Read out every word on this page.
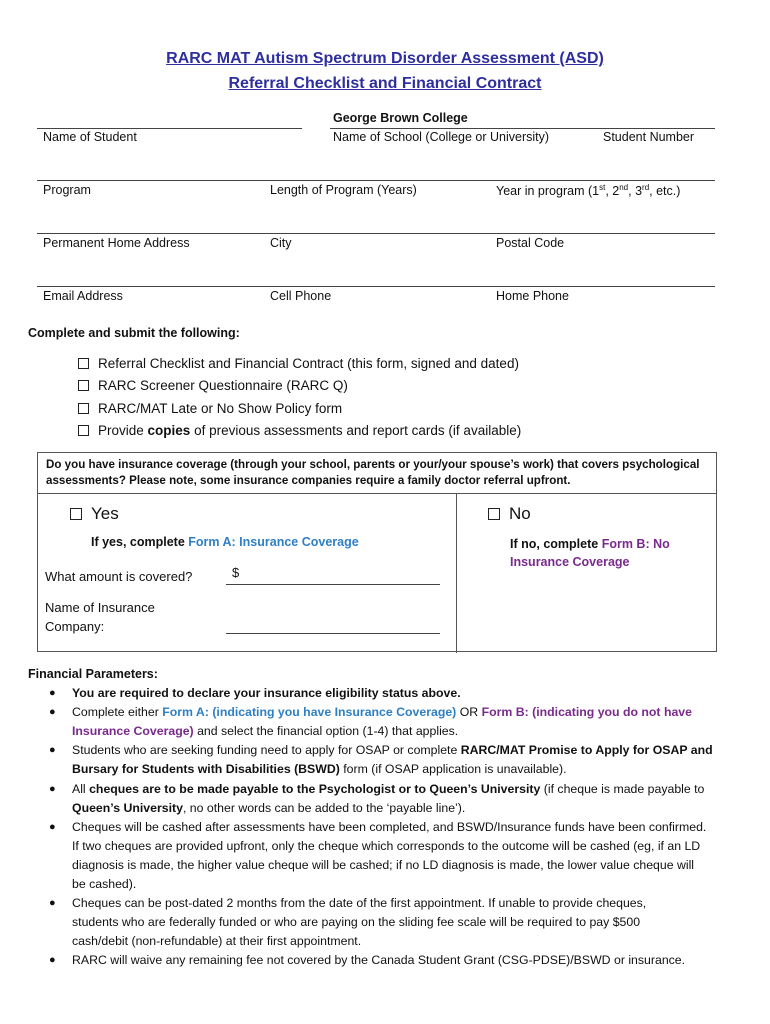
RARC MAT Autism Spectrum Disorder Assessment (ASD)
Referral Checklist and Financial Contract
George Brown College
Name of Student	Name of School (College or University)	Student Number
Program	Length of Program (Years)	Year in program (1st, 2nd, 3rd, etc.)
Permanent Home Address	City	Postal Code
Email Address	Cell Phone	Home Phone
Complete and submit the following:
Referral Checklist and Financial Contract (this form, signed and dated)
RARC Screener Questionnaire (RARC Q)
RARC/MAT Late or No Show Policy form
Provide copies of previous assessments and report cards (if available)
Do you have insurance coverage (through your school, parents or your/your spouse’s work) that covers psychological assessments? Please note, some insurance companies require a family doctor referral upfront.
Yes
If yes, complete Form A: Insurance Coverage
What amount is covered?	$
Name of Insurance
Company:
No
If no, complete Form B: No
Insurance Coverage
Financial Parameters:
● You are required to declare your insurance eligibility status above.
● Complete either Form A: (indicating you have Insurance Coverage) OR Form B: (indicating you do not have
Insurance Coverage) and select the financial option (1-4) that applies.
● Students who are seeking funding need to apply for OSAP or complete RARC/MAT Promise to Apply for OSAP and
Bursary for Students with Disabilities (BSWD) form (if OSAP application is unavailable).
● All cheques are to be made payable to the Psychologist or to Queen’s University (if cheque is made payable to
Queen’s University, no other words can be added to the ‘payable line’).
● Cheques will be cashed after assessments have been completed, and BSWD/Insurance funds have been confirmed.
If two cheques are provided upfront, only the cheque which corresponds to the outcome will be cashed (eg, if an LD
diagnosis is made, the higher value cheque will be cashed; if no LD diagnosis is made, the lower value cheque will
be cashed).
● Cheques can be post-dated 2 months from the date of the first appointment. If unable to provide cheques,
students who are federally funded or who are paying on the sliding fee scale will be required to pay $500
cash/debit (non-refundable) at their first appointment.
● RARC will waive any remaining fee not covered by the Canada Student Grant (CSG-PDSE)/BSWD or insurance.
